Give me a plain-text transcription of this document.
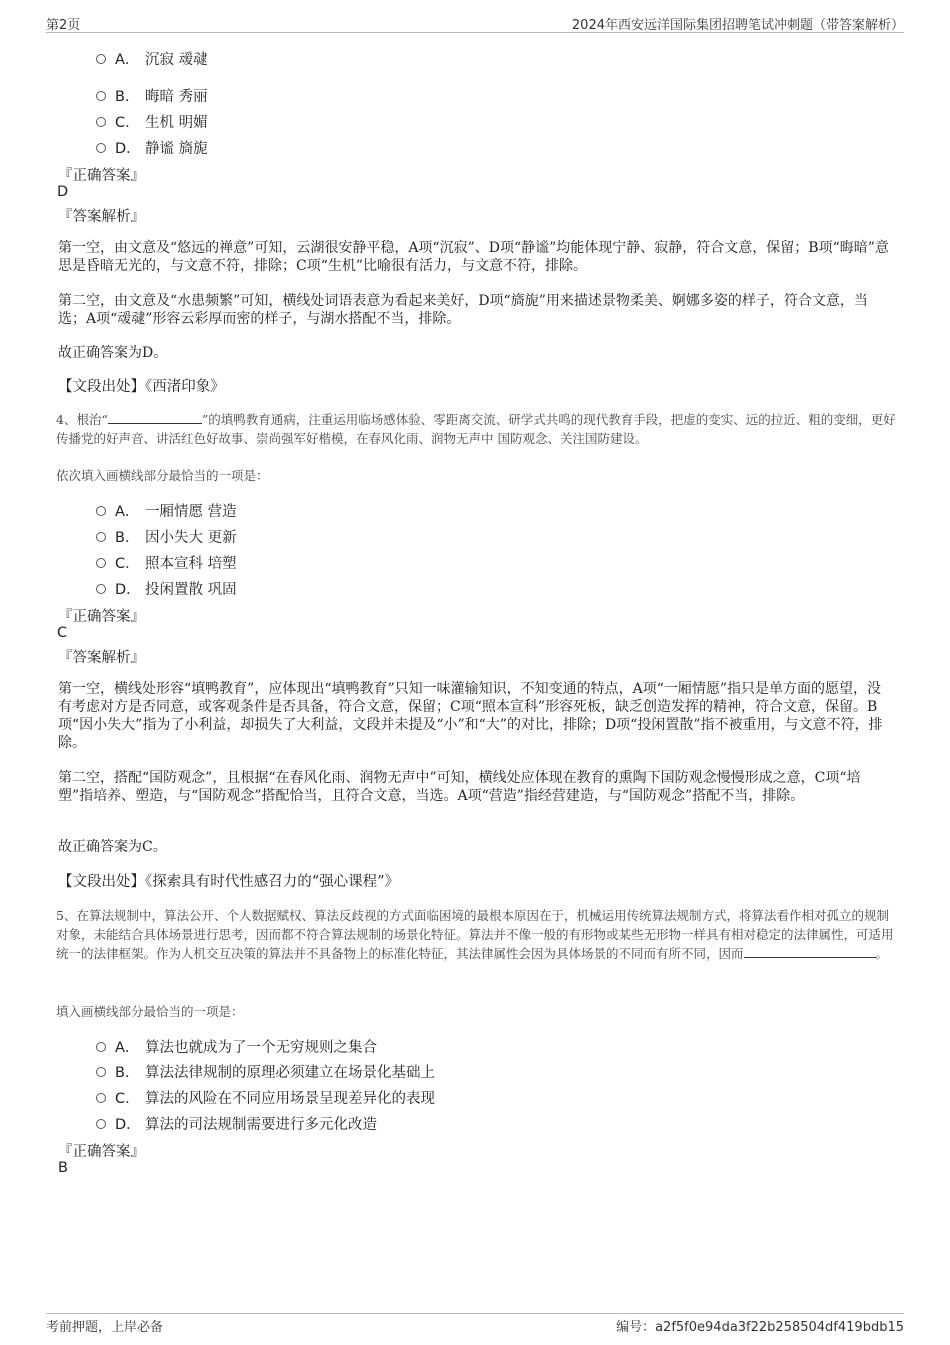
第2页	2024年西安远洋国际集团招聘笔试冲刺题（带答案解析）
A． 沉寂 叆叇
B． 晦暗 秀丽
C． 生机 明媚
D． 静谧 旖旎
『正确答案』
D
『答案解析』
第一空，由文意及“悠远的禅意”可知，云湖很安静平稳，A项“沉寂”、D项“静谧”均能体现宁静、寂静，符合文意，保留；B项“晦暗”意思是昏暗无光的，与文意不符，排除；C项“生机”比喻很有活力，与文意不符，排除。
第二空，由文意及“水患频繁”可知，横线处词语表意为看起来美好，D项“旖旎”用来描述景物柔美、婀娜多姿的样子，符合文意，当选；A项“叆叇”形容云彩厚而密的样子，与湖水搭配不当，排除。
故正确答案为D。
【文段出处】《西渚印象》
4、根治“	”的填鸭教育通病，注重运用临场感体验、零距离交流、研学式共鸣的现代教育手段，把虚的变实、远的拉近、粗的变细，更好传播党的好声音、讲活红色好故事、崇尚强军好楷模，在春风化雨、润物无声中 国防观念、关注国防建设。
依次填入画横线部分最恰当的一项是：
A． 一厢情愿 营造
B． 因小失大 更新
C． 照本宣科 培塑
D． 投闲置散 巩固
『正确答案』
C
『答案解析』
第一空，横线处形容“填鸭教育”，应体现出“填鸭教育”只知一味灌输知识，不知变通的特点，A项“一厢情愿”指只是单方面的愿望，没有考虑对方是否同意，或客观条件是否具备，符合文意，保留；C项“照本宣科”形容死板，缺乏创造发挥的精神，符合文意，保留。B项“因小失大”指为了小利益，却损失了大利益，文段并未提及“小”和“大”的对比，排除；D项“投闲置散”指不被重用，与文意不符，排除。
第二空，搭配“国防观念”，且根据“在春风化雨、润物无声中”可知，横线处应体现在教育的熏陶下国防观念慢慢形成之意，C项“培塑”指培养、塑造，与“国防观念”搭配恰当，且符合文意，当选。A项“营造”指经营建造，与“国防观念”搭配不当，排除。
故正确答案为C。
【文段出处】《探索具有时代性感召力的“强心课程”》
5、在算法规制中，算法公开、个人数据赋权、算法反歧视的方式面临困境的最根本原因在于，机械运用传统算法规制方式，将算法看作相对孤立的规制对象，未能结合具体场景进行思考，因而都不符合算法规制的场景化特征。算法并不像一般的有形物或某些无形物一样具有相对稳定的法律属性，可适用统一的法律框架。作为人机交互决策的算法并不具备物上的标准化特征，其法律属性会因为具体场景的不同而有所不同，因而	。
填入画横线部分最恰当的一项是：
A． 算法也就成为了一个无穷规则之集合
B． 算法法律规制的原理必须建立在场景化基础上
C． 算法的风险在不同应用场景呈现差异化的表现
D． 算法的司法规制需要进行多元化改造
『正确答案』
B
考前押题，上岸必备	编号：a2f5f0e94da3f22b258504df419bdb15
